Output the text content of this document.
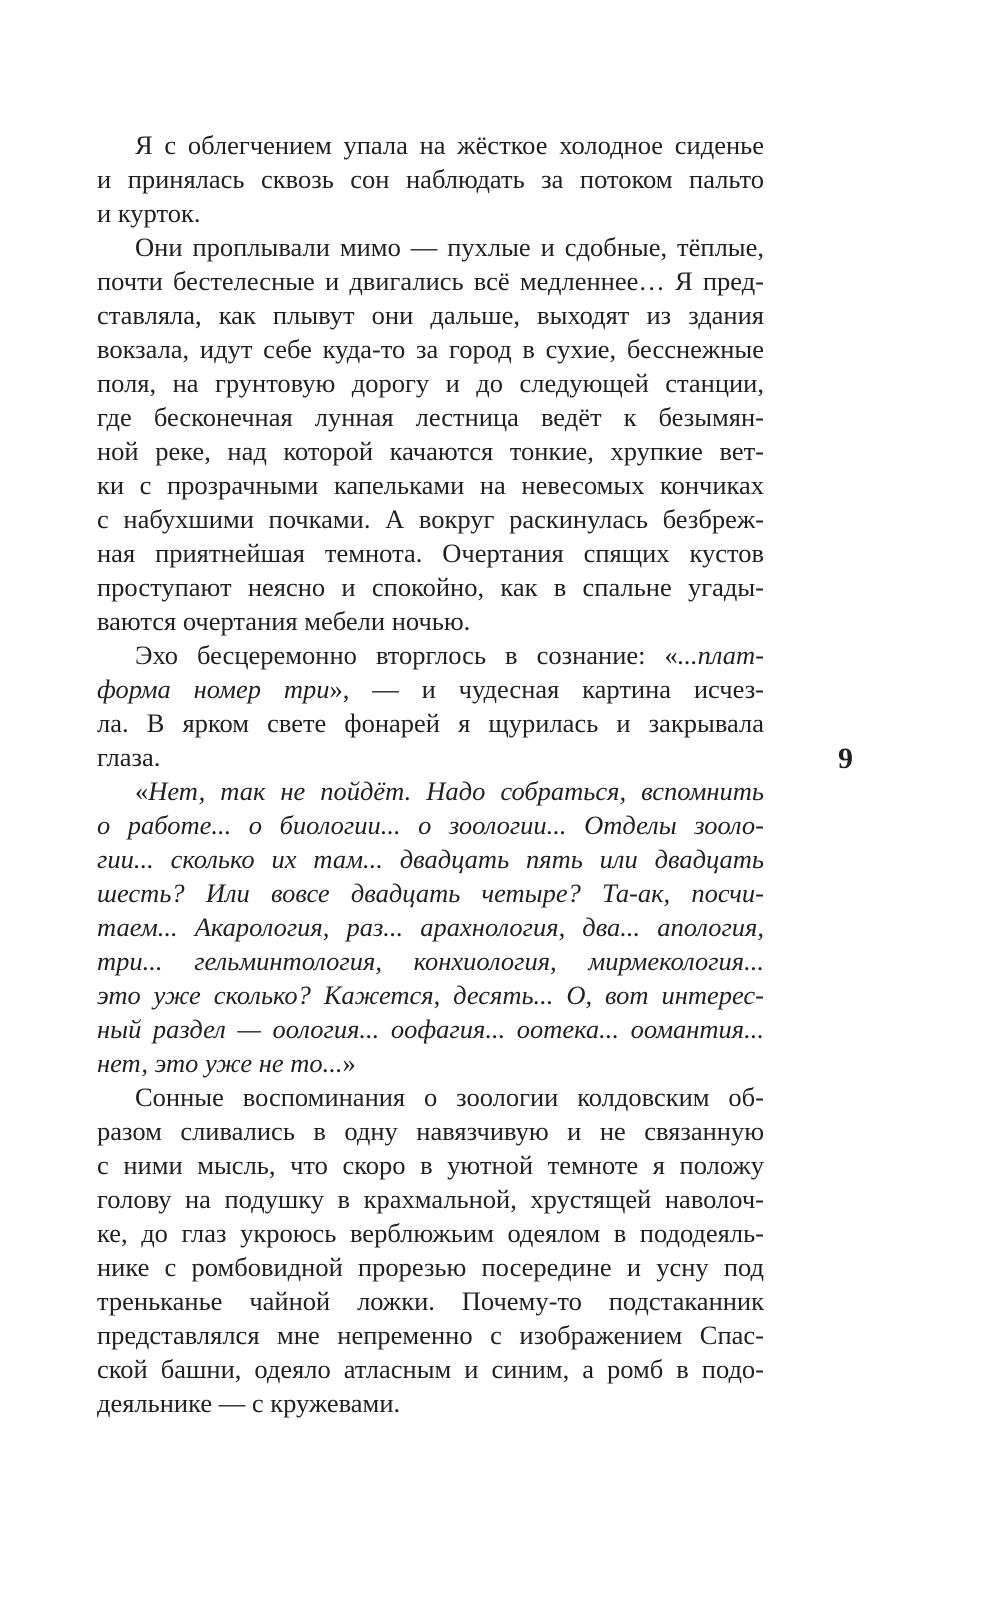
Я с облегчением упала на жёсткое холодное сиденье
и принялась сквозь сон наблюдать за потоком пальто
и курток.
Они проплывали мимо — пухлые и сдобные, тёплые,
почти бестелесные и двигались всё медленнее… Я пред-
ставляла, как плывут они дальше, выходят из здания
вокзала, идут себе куда-то за город в сухие, бесснежные
поля, на грунтовую дорогу и до следующей станции,
где бесконечная лунная лестница ведёт к безымян-
ной реке, над которой качаются тонкие, хрупкие вет-
ки с прозрачными капельками на невесомых кончиках
с набухшими почками. А вокруг раскинулась безбреж-
ная приятнейшая темнота. Очертания спящих кустов
проступают неясно и спокойно, как в спальне угады-
ваются очертания мебели ночью.
Эхо бесцеремонно вторглось в сознание: «...плат-
форма номер три», — и чудесная картина исчез-
ла. В ярком свете фонарей я щурилась и закрывала
глаза.
«Нет, так не пойдёт. Надо собраться, вспомнить
о работе... о биологии... о зоологии... Отделы зооло-
гии... сколько их там... двадцать пять или двадцать
шесть? Или вовсе двадцать четыре? Та-ак, посчи-
таем... Акарология, раз... арахнология, два... апология,
три... гельминтология, конхиология, мирмекология...
это уже сколько? Кажется, десять... О, вот интерес-
ный раздел — оология... оофагия... оотека... оомантия...
нет, это уже не то...»
Сонные воспоминания о зоологии колдовским об-
разом сливались в одну навязчивую и не связанную
с ними мысль, что скоро в уютной темноте я положу
голову на подушку в крахмальной, хрустящей наволоч-
ке, до глаз укроюсь верблюжьим одеялом в пододеяль-
нике с ромбовидной прорезью посередине и усну под
треньканье чайной ложки. Почему-то подстаканник
представлялся мне непременно с изображением Спас-
ской башни, одеяло атласным и синим, а ромб в подо-
деяльнике — с кружевами.
9
